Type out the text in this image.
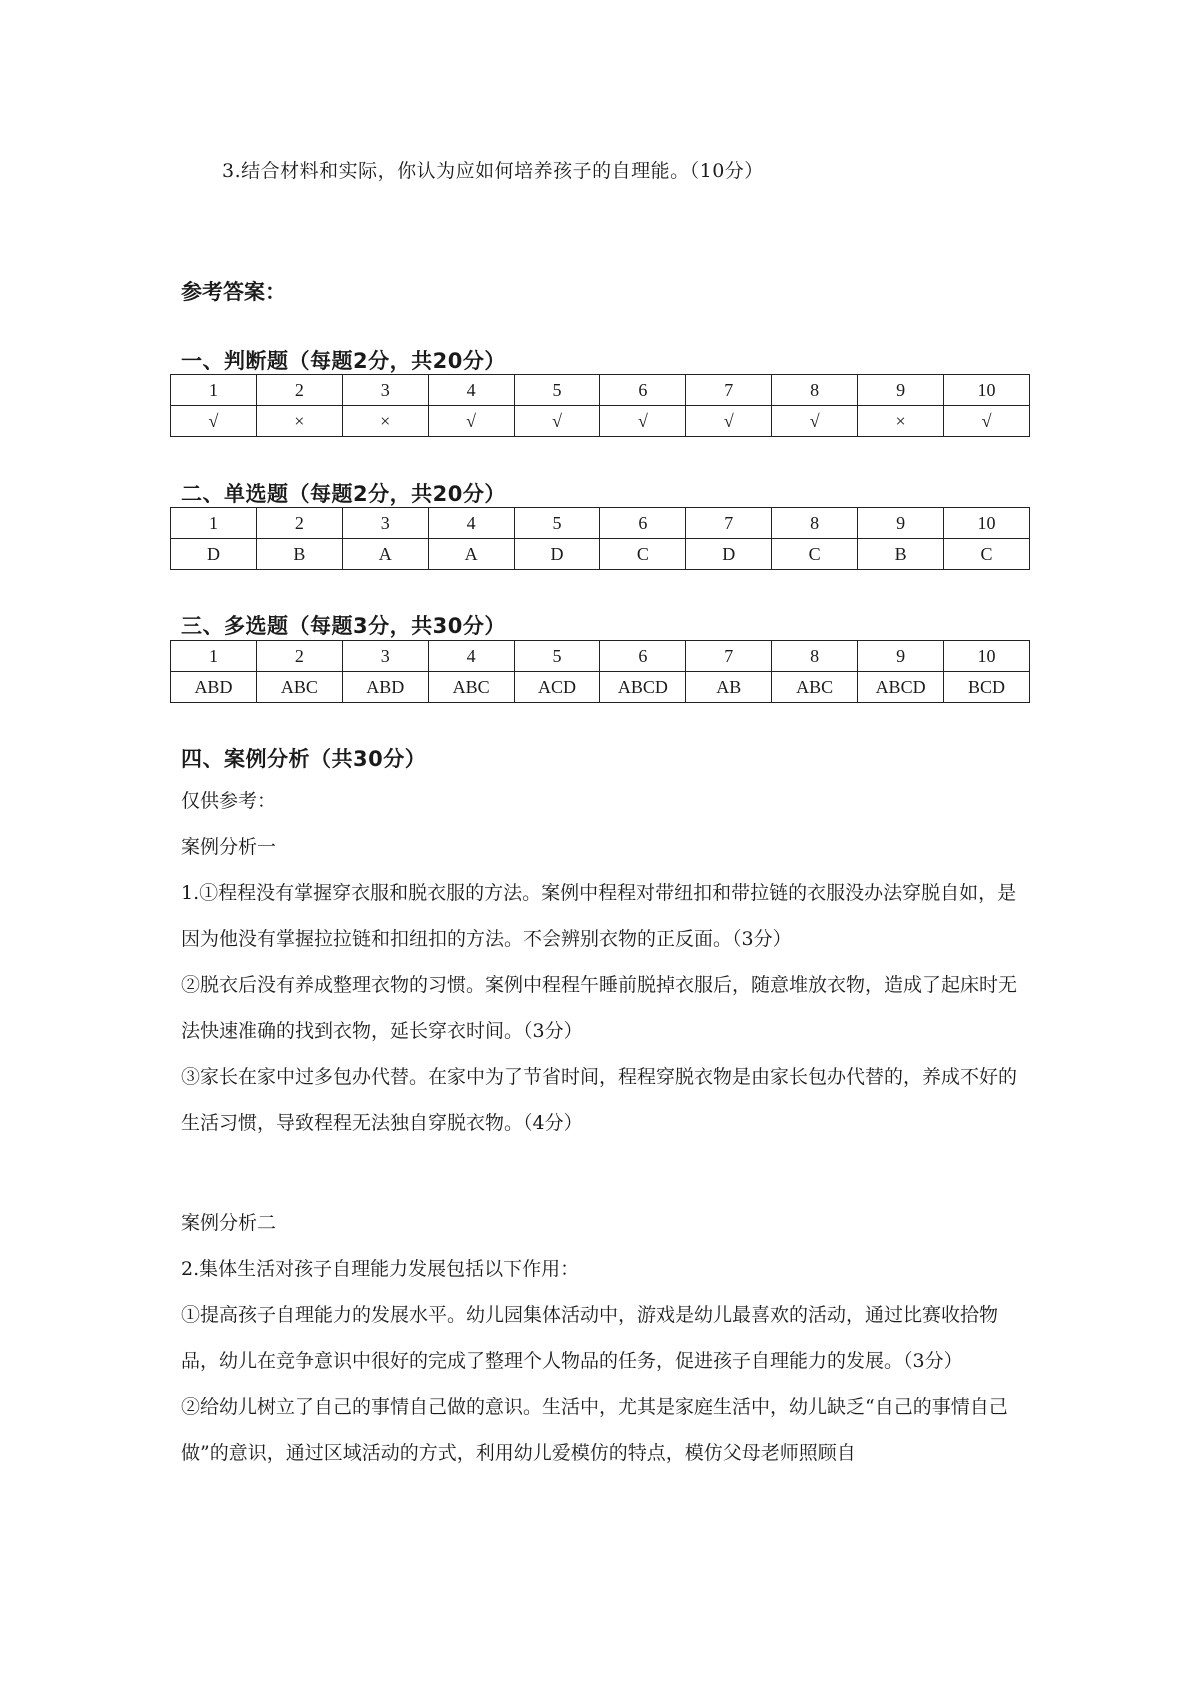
3.结合材料和实际，你认为应如何培养孩子的自理能。（10分）
参考答案：
一、判断题（每题2分，共20分）
1	2	3	4	5	6	7	8	9	10
√	×	×	√	√	√	√	√	×	√
二、单选题（每题2分，共20分）
1	2	3	4	5	6	7	8	9	10
D	B	A	A	D	C	D	C	B	C
三、多选题（每题3分，共30分）
1	2	3	4	5	6	7	8	9	10
ABD	ABC	ABD	ABC	ACD	ABCD	AB	ABC	ABCD	BCD
四、案例分析（共30分）
仅供参考：

案例分析一

1.①程程没有掌握穿衣服和脱衣服的方法。案例中程程对带纽扣和带拉链的衣服没办法穿脱自如，是因为他没有掌握拉拉链和扣纽扣的方法。不会辨别衣物的正反面。（3分）

②脱衣后没有养成整理衣物的习惯。案例中程程午睡前脱掉衣服后，随意堆放衣物，造成了起床时无法快速准确的找到衣物，延长穿衣时间。（3分）

③家长在家中过多包办代替。在家中为了节省时间，程程穿脱衣物是由家长包办代替的，养成不好的生活习惯，导致程程无法独自穿脱衣物。（4分）

案例分析二

2.集体生活对孩子自理能力发展包括以下作用：

①提高孩子自理能力的发展水平。幼儿园集体活动中，游戏是幼儿最喜欢的活动，通过比赛收拾物品，幼儿在竞争意识中很好的完成了整理个人物品的任务，促进孩子自理能力的发展。（3分）

②给幼儿树立了自己的事情自己做的意识。生活中，尤其是家庭生活中，幼儿缺乏“自己的事情自己做”的意识，通过区域活动的方式，利用幼儿爱模仿的特点，模仿父母老师照顾自
